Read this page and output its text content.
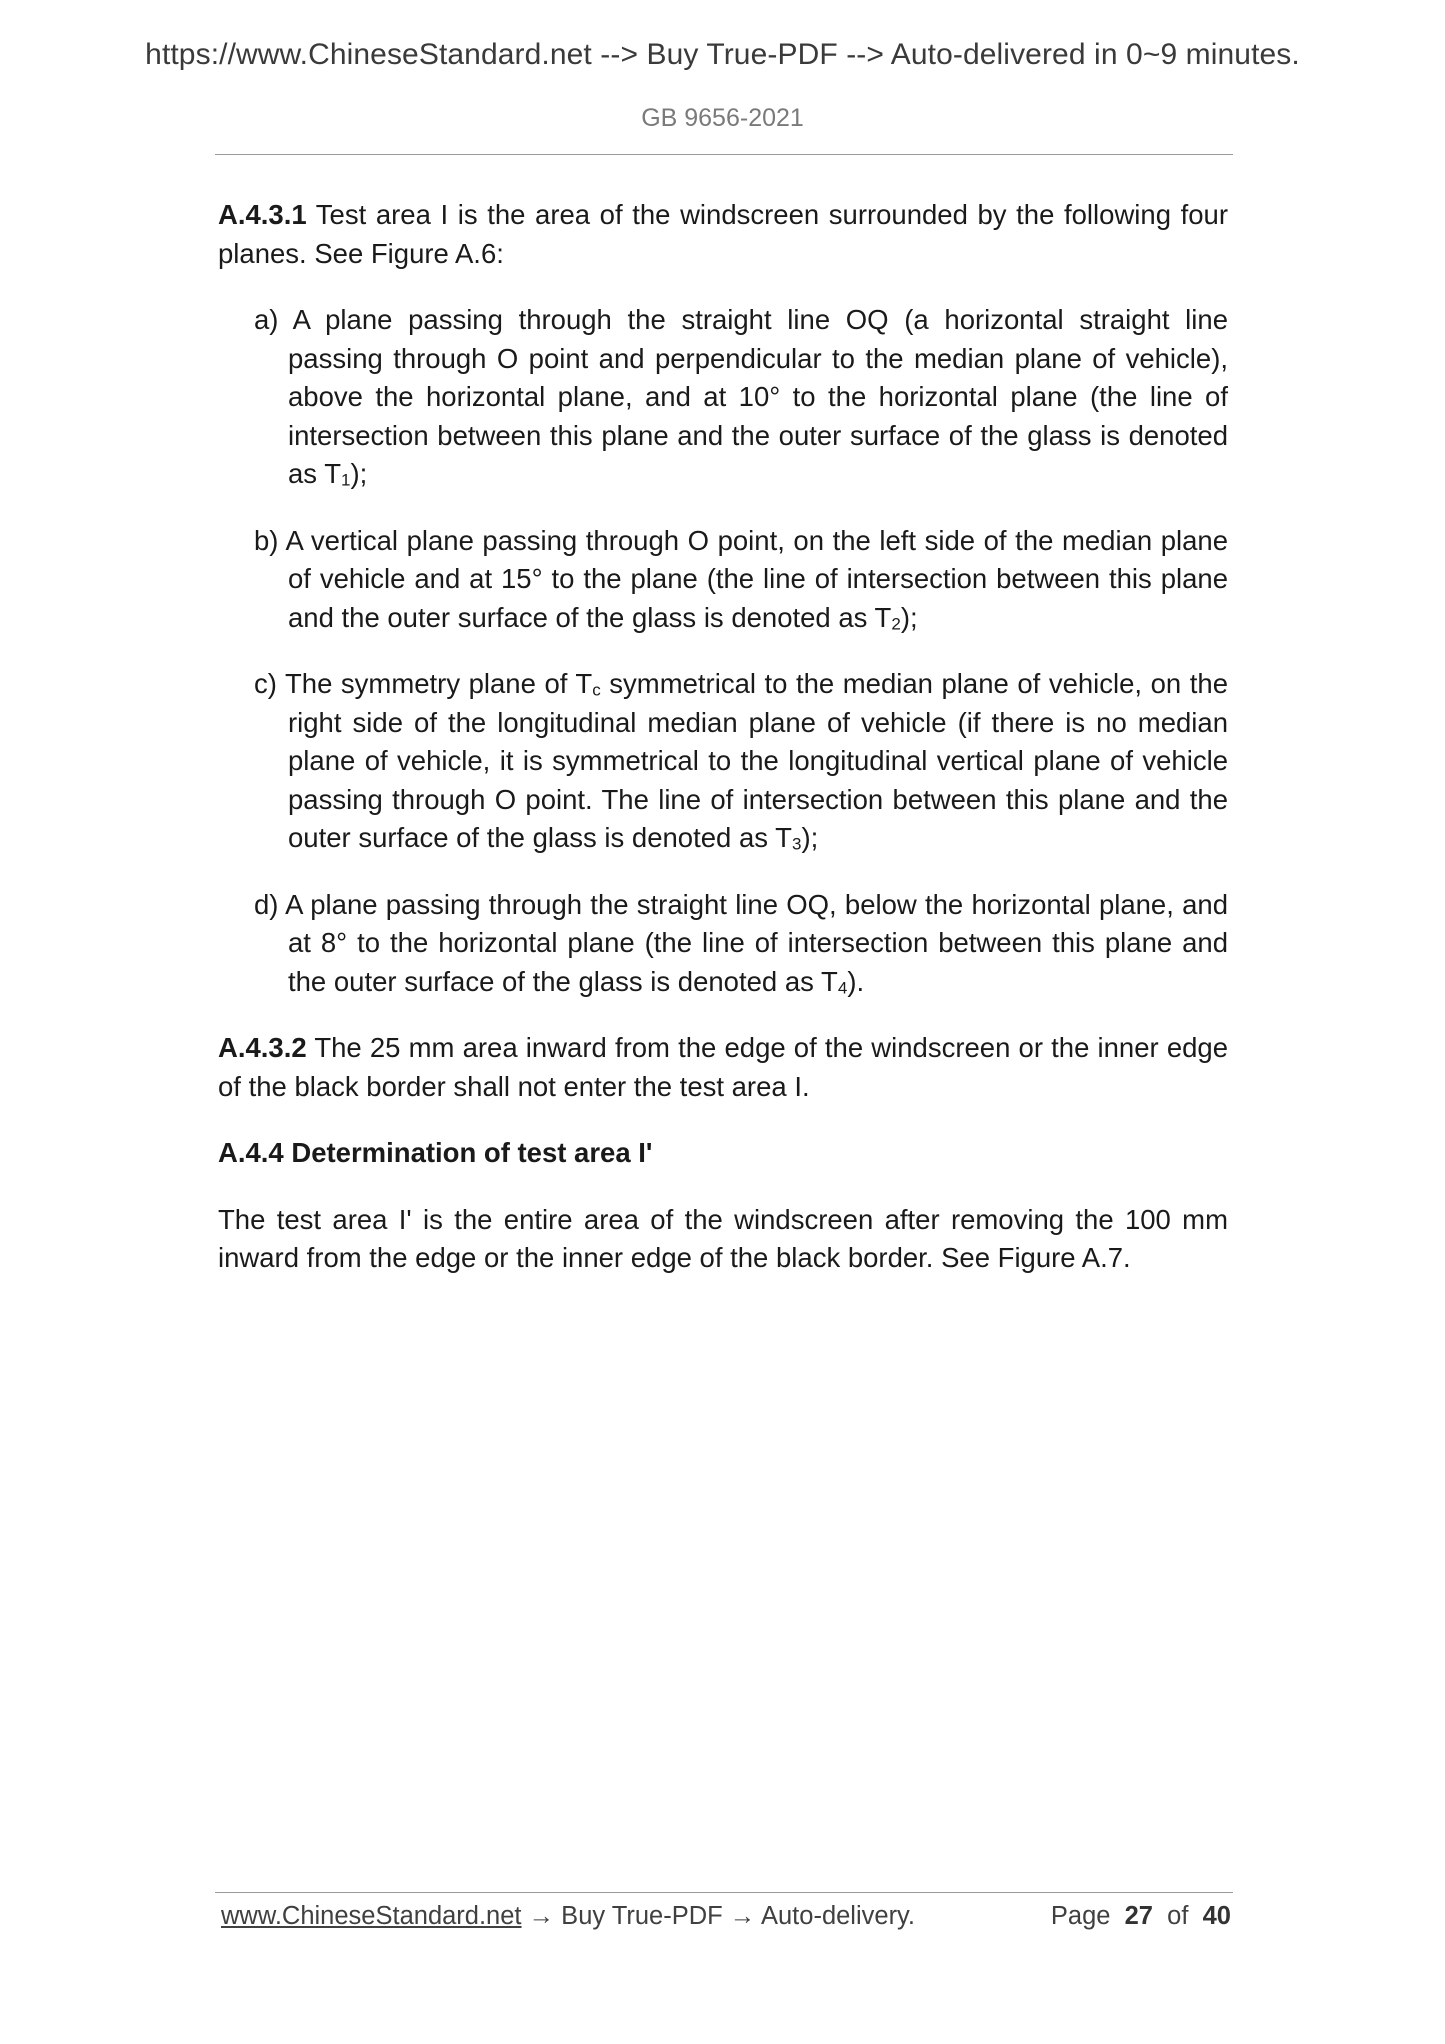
https://www.ChineseStandard.net --> Buy True-PDF --> Auto-delivered in 0~9 minutes.
GB 9656-2021

A.4.3.1 Test area I is the area of the windscreen surrounded by the following four planes. See Figure A.6:

a) A plane passing through the straight line OQ (a horizontal straight line passing through O point and perpendicular to the median plane of vehicle), above the horizontal plane, and at 10° to the horizontal plane (the line of intersection between this plane and the outer surface of the glass is denoted as $T_1$);

b) A vertical plane passing through O point, on the left side of the median plane of vehicle and at 15° to the plane (the line of intersection between this plane and the outer surface of the glass is denoted as $T_2$);

c) The symmetry plane of $T_c$ symmetrical to the median plane of vehicle, on the right side of the longitudinal median plane of vehicle (if there is no median plane of vehicle, it is symmetrical to the longitudinal vertical plane of vehicle passing through O point. The line of intersection between this plane and the outer surface of the glass is denoted as $T_3$);

d) A plane passing through the straight line OQ, below the horizontal plane, and at 8° to the horizontal plane (the line of intersection between this plane and the outer surface of the glass is denoted as $T_4$).

A.4.3.2 The 25 mm area inward from the edge of the windscreen or the inner edge of the black border shall not enter the test area I.

A.4.4 Determination of test area I'

The test area I' is the entire area of the windscreen after removing the 100 mm inward from the edge or the inner edge of the black border. See Figure A.7.

www.ChineseStandard.net → Buy True-PDF → Auto-delivery.	Page 27 of 40
